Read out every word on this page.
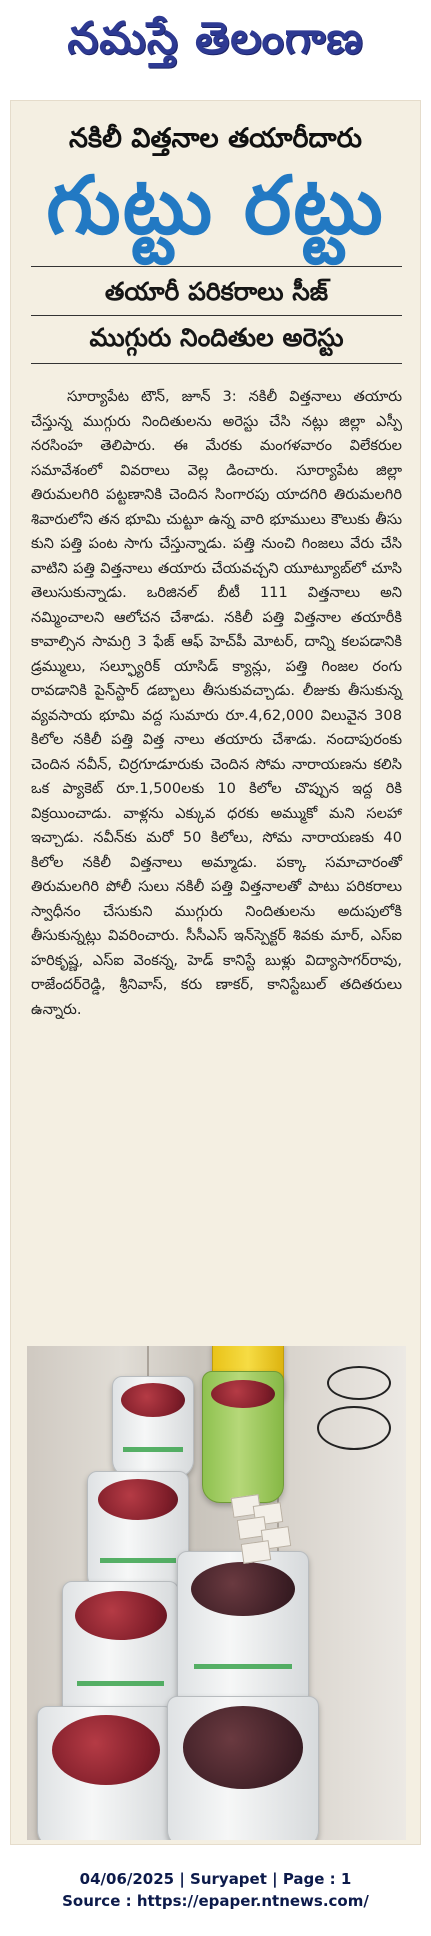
నమస్తే తెలంగాణ
నకిలీ విత్తనాల తయారీదారు
గుట్టు రట్టు
తయారీ పరికరాలు సీజ్
ముగ్గురు నిందితుల అరెస్టు

సూర్యాపేట టౌన్, జూన్ 3: నకిలీ విత్తనాలు తయారు చేస్తున్న ముగ్గురు నిందితులను అరెస్టు చేసి నట్లు జిల్లా ఎస్పీ నరసింహ తెలిపారు. ఈ మేరకు మంగళవారం విలేకరుల సమావేశంలో వివరాలు వెల్ల డించారు. సూర్యాపేట జిల్లా తిరుమలగిరి పట్టణానికి చెందిన సింగారపు యాదగిరి తిరుమలగిరి శివారులోని తన భూమి చుట్టూ ఉన్న వారి భూములు కౌలుకు తీసు కుని పత్తి పంట సాగు చేస్తున్నాడు. పత్తి నుంచి గింజలు వేరు చేసి వాటిని పత్తి విత్తనాలు తయారు చేయవచ్చని యూట్యూబ్‌లో చూసి తెలుసుకున్నాడు. ఒరిజినల్ బీటీ 111 విత్తనాలు అని నమ్మించాలని ఆలోచన చేశాడు. నకిలీ పత్తి విత్తనాల తయారీకి కావాల్సిన సామగ్రి 3 ఫేజ్ ఆఫ్ హెచ్‌పీ మోటర్, దాన్ని కలపడానికి డ్రమ్ములు, సల్ఫ్యూరిక్ యాసిడ్ క్యాన్లు, పత్తి గింజల రంగు రావడానికి పైన్‌స్టార్ డబ్బాలు తీసుకువచ్చాడు. లీజుకు తీసుకున్న వ్యవసాయ భూమి వద్ద సుమారు రూ.4,62,000 విలువైన 308 కిలోల నకిలీ పత్తి విత్త నాలు తయారు చేశాడు. నందాపురంకు చెందిన నవీన్, చిర్రగూడూరుకు చెందిన సోమ నారాయణను కలిసి ఒక ప్యాకెట్ రూ.1,500లకు 10 కిలోల చొప్పున ఇద్ద రికి విక్రయించాడు. వాళ్లను ఎక్కువ ధరకు అమ్ముకో మని సలహా ఇచ్చాడు. నవీన్‌కు మరో 50 కిలోలు, సోమ నారాయణకు 40 కిలోల నకిలీ విత్తనాలు అమ్మాడు. పక్కా సమాచారంతో తిరుమలగిరి పోలీ సులు నకిలీ పత్తి విత్తనాలతో పాటు పరికరాలు స్వాధీనం చేసుకుని ముగ్గురు నిందితులను అదుపులోకి తీసుకున్నట్లు వివరించారు. సీసీఎస్ ఇన్‌స్పెక్టర్ శివకు మార్, ఎస్‌ఐ హరికృష్ణ, ఎస్‌ఐ వెంకన్న, హెడ్ కానిస్టే బుళ్లు విద్యాసాగర్‌రావు, రాజేందర్‌రెడ్డి, శ్రీనివాస్, కరు ణాకర్, కానిస్టేబుల్ తదితరులు ఉన్నారు.

04/06/2025 | Suryapet | Page : 1
Source : https://epaper.ntnews.com/
